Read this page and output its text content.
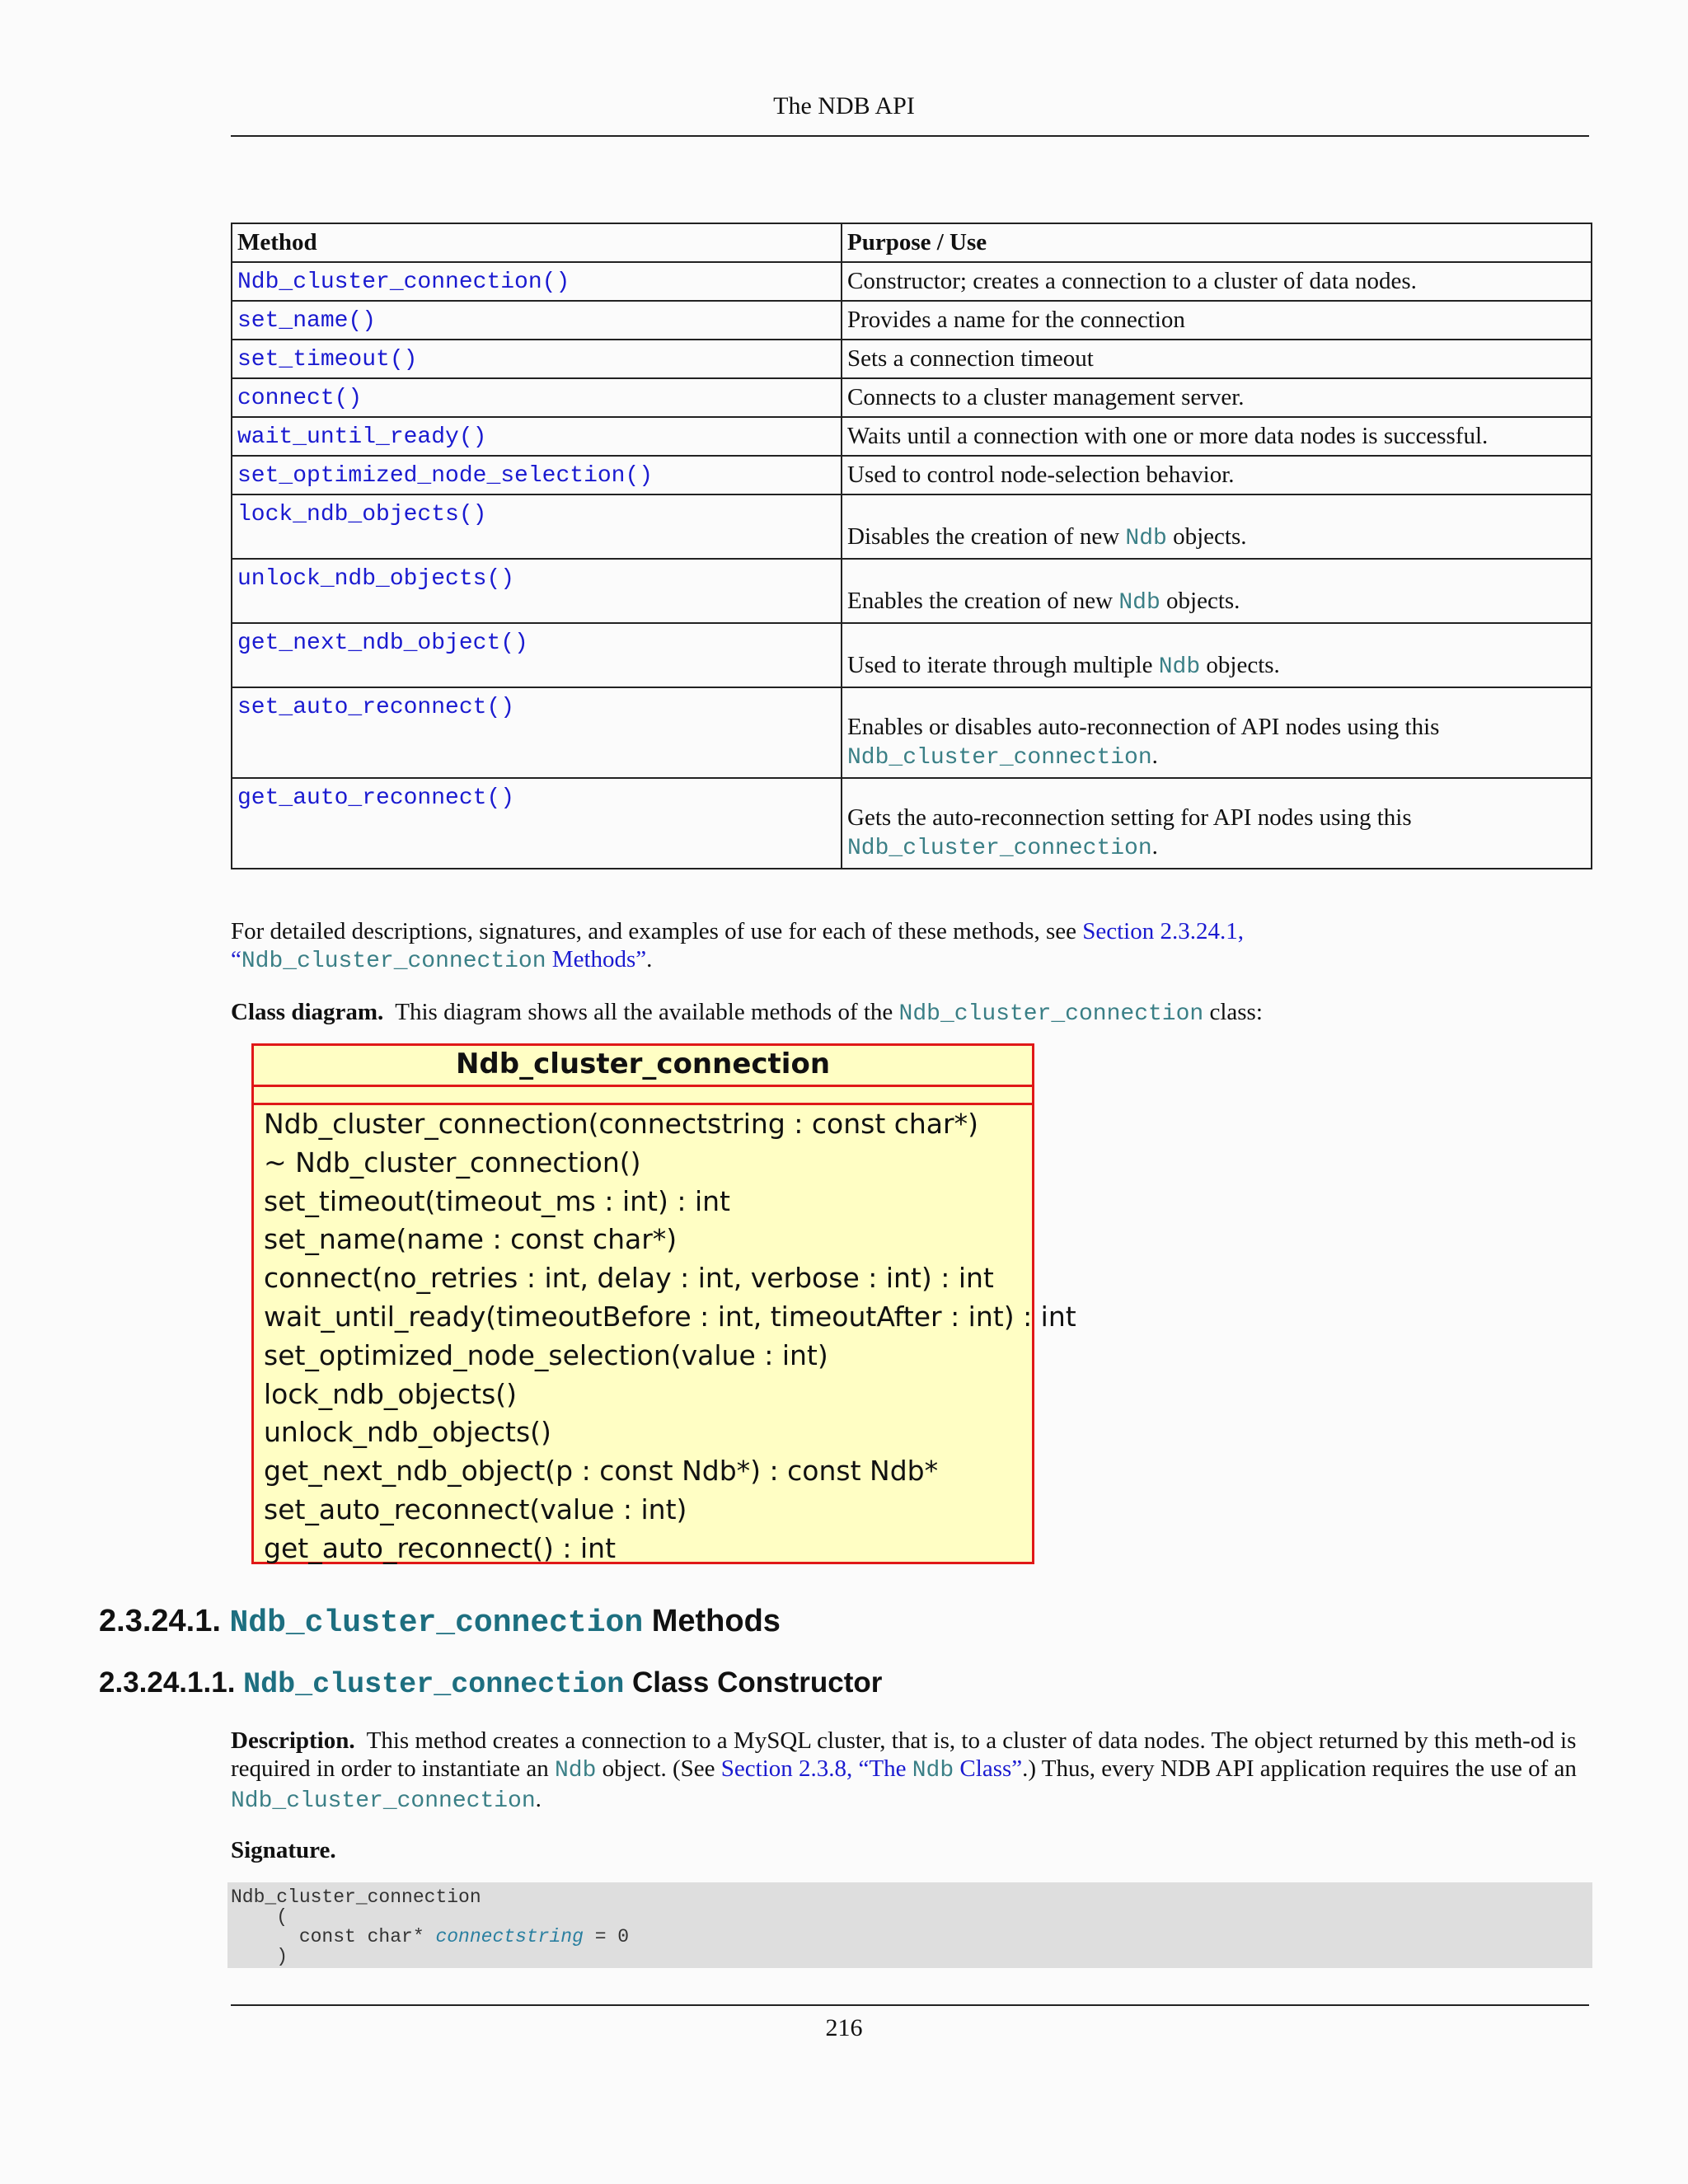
The NDB API
Method	Purpose / Use
Ndb_cluster_connection()	Constructor; creates a connection to a cluster of data nodes.
set_name()	Provides a name for the connection
set_timeout()	Sets a connection timeout
connect()	Connects to a cluster management server.
wait_until_ready()	Waits until a connection with one or more data nodes is successful.
set_optimized_node_selection()	Used to control node-selection behavior.
lock_ndb_objects()	Disables the creation of new Ndb objects.
unlock_ndb_objects()	Enables the creation of new Ndb objects.
get_next_ndb_object()	Used to iterate through multiple Ndb objects.
set_auto_reconnect()	Enables or disables auto-reconnection of API nodes using this
Ndb_cluster_connection.
get_auto_reconnect()	Gets the auto-reconnection setting for API nodes using this
Ndb_cluster_connection.
For detailed descriptions, signatures, and examples of use for each of these methods, see Section 2.3.24.1,
“Ndb_cluster_connection Methods”.
Class diagram. This diagram shows all the available methods of the Ndb_cluster_connection class:
Ndb_cluster_connection
Ndb_cluster_connection(connectstring : const char*)
~ Ndb_cluster_connection()
set_timeout(timeout_ms : int) : int
set_name(name : const char*)
connect(no_retries : int, delay : int, verbose : int) : int
wait_until_ready(timeoutBefore : int, timeoutAfter : int) : int
set_optimized_node_selection(value : int)
lock_ndb_objects()
unlock_ndb_objects()
get_next_ndb_object(p : const Ndb*) : const Ndb*
set_auto_reconnect(value : int)
get_auto_reconnect() : int
2.3.24.1. Ndb_cluster_connection Methods
2.3.24.1.1. Ndb_cluster_connection Class Constructor
Description. This method creates a connection to a MySQL cluster, that is, to a cluster of data nodes. The object returned by this meth-od is required in order to instantiate an Ndb object. (See Section 2.3.8, “The Ndb Class”.) Thus, every NDB API application requires the use of an Ndb_cluster_connection.
Signature.
Ndb_cluster_connection
(
const char* connectstring = 0
)
216
